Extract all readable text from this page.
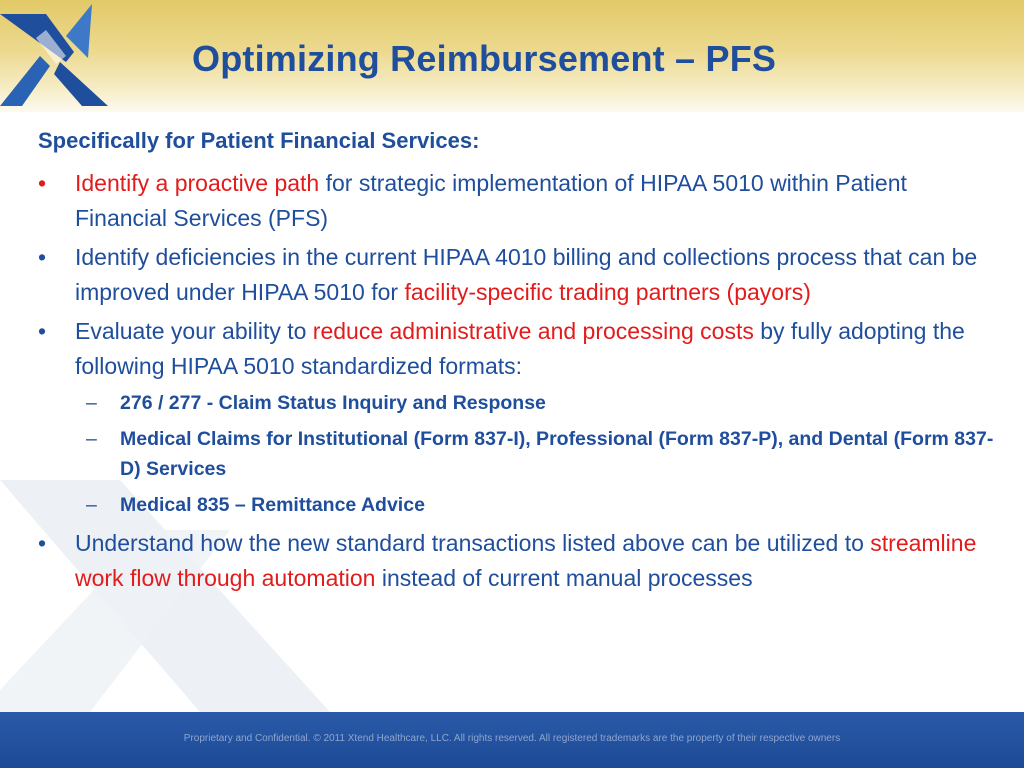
Optimizing Reimbursement – PFS
Specifically for Patient Financial Services:
• Identify a proactive path for strategic implementation of HIPAA 5010 within Patient Financial Services (PFS)
• Identify deficiencies in the current HIPAA 4010 billing and collections process that can be improved under HIPAA 5010 for facility-specific trading partners (payors)
• Evaluate your ability to reduce administrative and processing costs by fully adopting the following HIPAA 5010 standardized formats:
– 276 / 277 - Claim Status Inquiry and Response
– Medical Claims for Institutional (Form 837-I), Professional (Form 837-P), and Dental (Form 837-D) Services
– Medical 835 – Remittance Advice
• Understand how the new standard transactions listed above can be utilized to streamline work flow through automation instead of current manual processes
Proprietary and Confidential. © 2011 Xtend Healthcare, LLC. All rights reserved. All registered trademarks are the property of their respective owners
